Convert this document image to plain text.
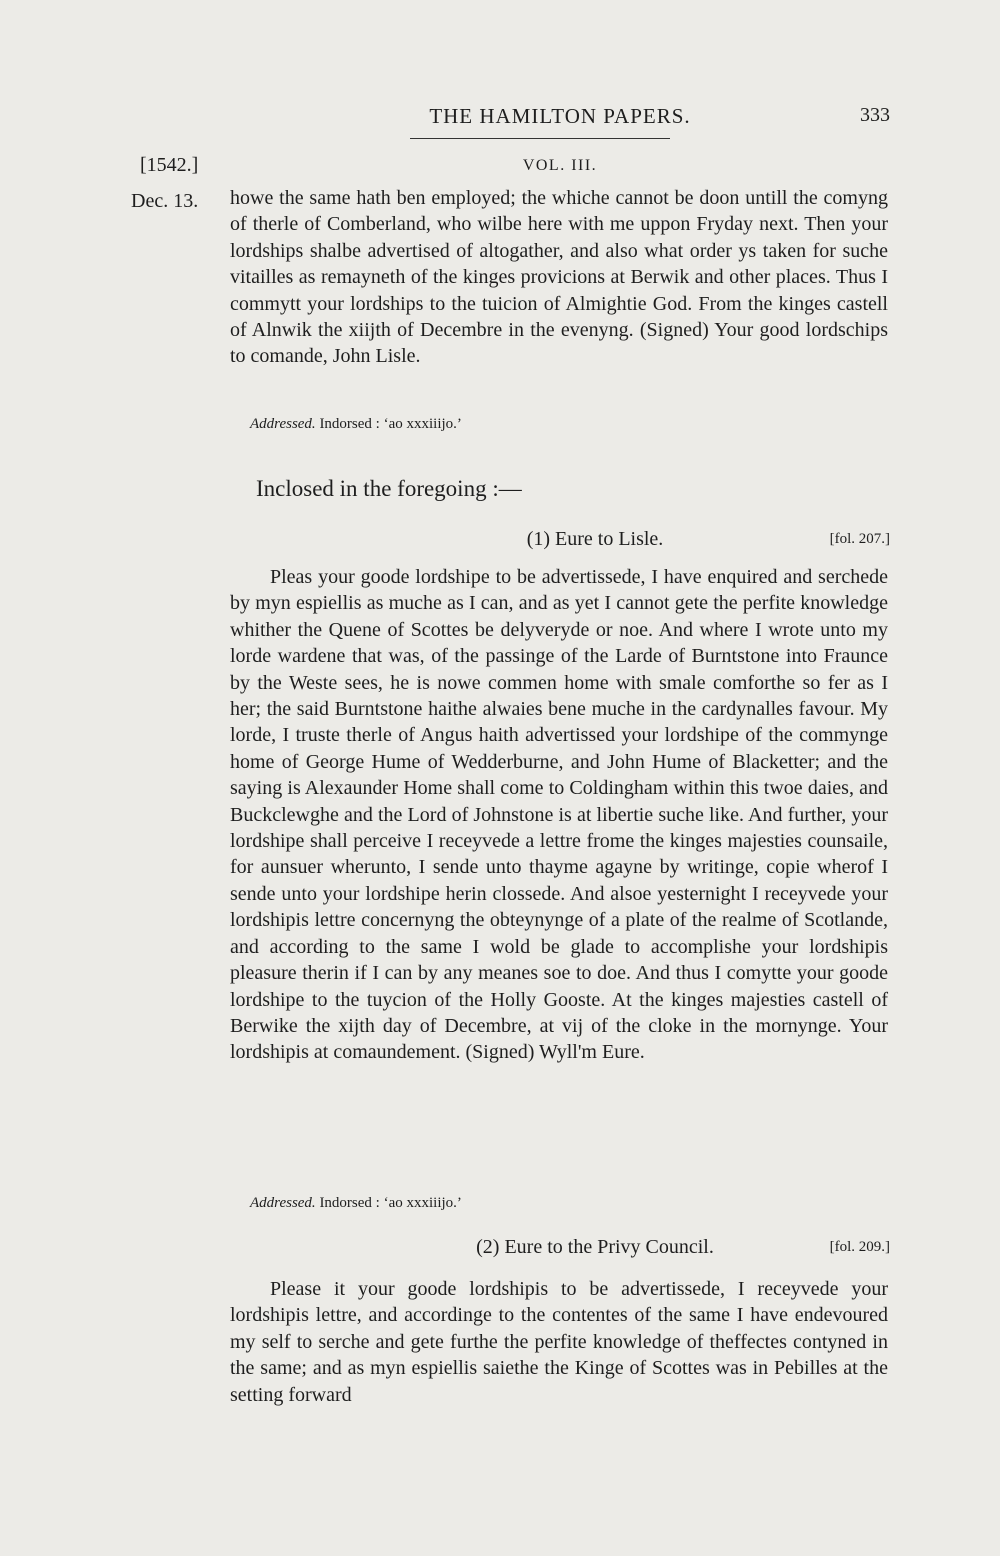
THE HAMILTON PAPERS.	333
[1542.]	VOL. III.
Dec. 13. howe the same hath ben employed; the whiche cannot be doon untill the comyng of therle of Comberland, who wilbe here with me uppon Fryday next. Then your lordships shalbe advertised of altogather, and also what order ys taken for suche vitailles as remayneth of the kinges provicions at Berwik and other places. Thus I commytt your lordships to the tuicion of Almightie God. From the kinges castell of Alnwik the xiijth of Decembre in the evenyng. (Signed) Your good lordschips to comande, John Lisle.

Addressed. Indorsed : ‘ao xxxiiijo.’
Inclosed in the foregoing :—
(1) Eure to Lisle.	[fol. 207.]

Pleas your goode lordshipe to be advertissede, I have enquired and serchede by myn espiellis as muche as I can, and as yet I cannot gete the perfite knowledge whither the Quene of Scottes be delyveryde or noe. And where I wrote unto my lorde wardene that was, of the passinge of the Larde of Burntstone into Fraunce by the Weste sees, he is nowe commen home with smale comforthe so fer as I her; the said Burntstone haithe alwaies bene muche in the cardynalles favour. My lorde, I truste therle of Angus haith advertissed your lordshipe of the commynge home of George Hume of Wedderburne, and John Hume of Blacketter; and the saying is Alexaunder Home shall come to Coldingham within this twoe daies, and Buckclewghe and the Lord of Johnstone is at libertie suche like. And further, your lordshipe shall perceive I receyvede a lettre frome the kinges majesties counsaile, for aunsuer wherunto, I sende unto thayme agayne by writinge, copie wherof I sende unto your lordshipe herin clossede. And alsoe yesternight I receyvede your lordshipis lettre concernyng the obteynynge of a plate of the realme of Scotlande, and according to the same I wold be glade to accomplishe your lordshipis pleasure therin if I can by any meanes soe to doe. And thus I comytte your goode lordshipe to the tuycion of the Holly Gooste. At the kinges majesties castell of Berwike the xijth day of Decembre, at vij of the cloke in the mornynge. Your lordshipis at comaundement. (Signed) Wyll'm Eure.

Addressed. Indorsed : ‘ao xxxiiijo.’
(2) Eure to the Privy Council.	[fol. 209.]

Please it your goode lordshipis to be advertissede, I receyvede your lordshipis lettre, and accordinge to the contentes of the same I have endevoured my self to serche and gete furthe the perfite knowledge of theffectes contyned in the same; and as myn espiellis saiethe the Kinge of Scottes was in Pebilles at the setting forward
